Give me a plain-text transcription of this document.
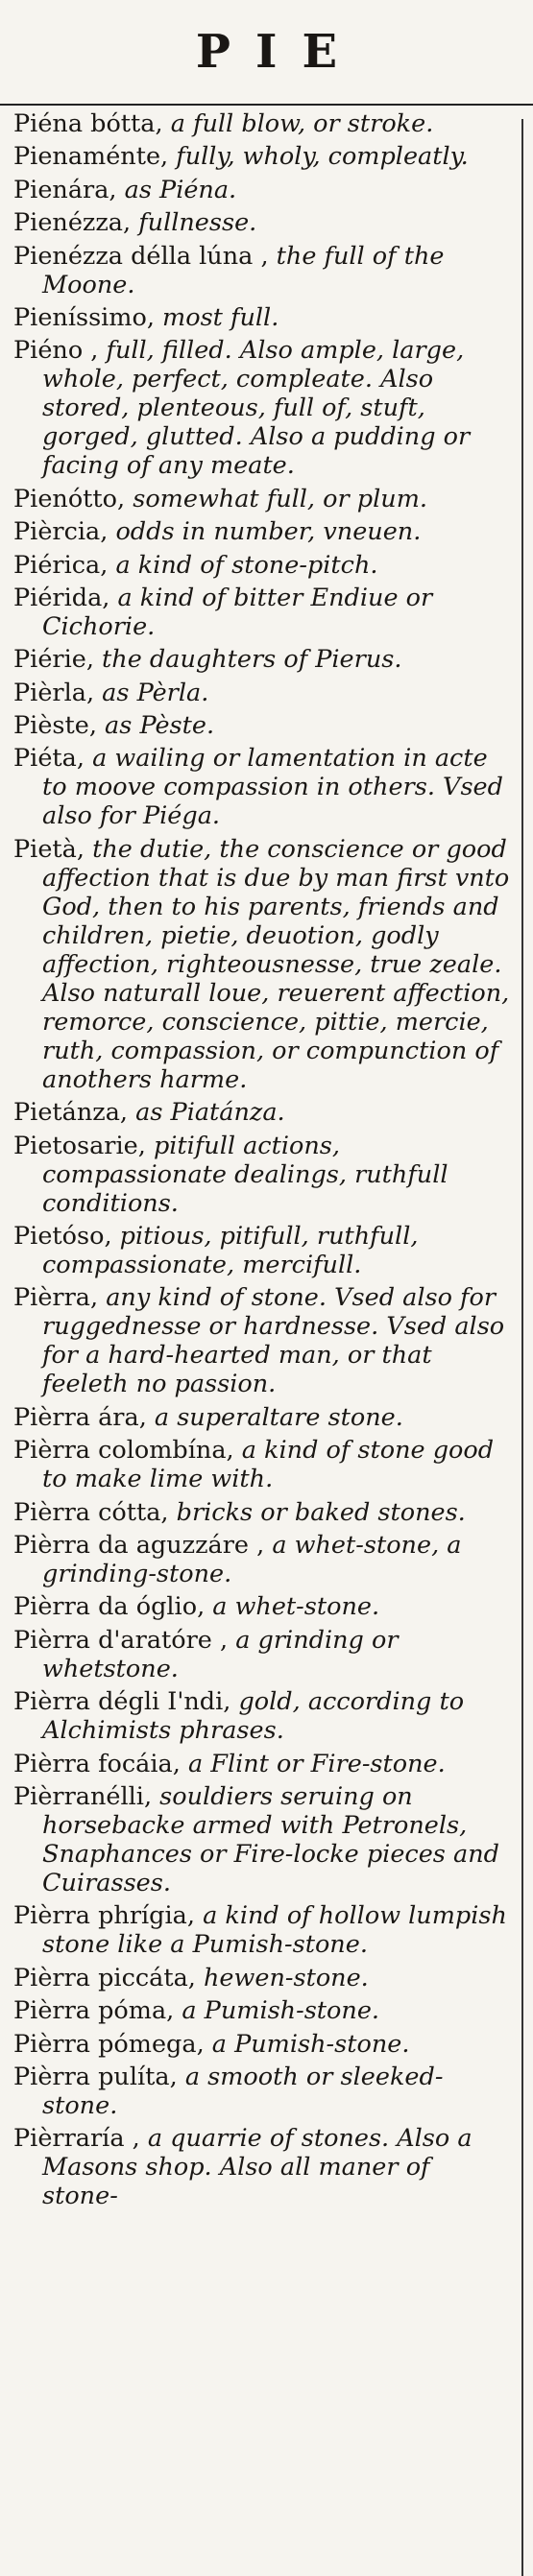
PIE

Piéna bótta, a full blow, or stroke.

Pienaménte, fully, wholy, compleatly.

Pienára, as Piéna.

Pienézza, fullnesse.

Pienézza délla lúna , the full of the Moone.

Pieníssimo, most full.

Piéno , full, filled. Also ample, large, whole, perfect, compleate. Also stored, plenteous, full of, stuft, gorged, glutted. Also a pudding or facing of any meate.

Pienótto, somewhat full, or plum.

Pièrcia, odds in number, vneuen.

Piérica, a kind of stone-pitch.

Piérida, a kind of bitter Endiue or Cichorie.

Piérie, the daughters of Pierus.

Pièrla, as Pèrla.

Pièste, as Pèste.

Piéta, a wailing or lamentation in acte to moove compassion in others. Vsed also for Piéga.

Pietà, the dutie, the conscience or good affection that is due by man first vnto God, then to his parents, friends and children, pietie, deuotion, godly affection, righteousnesse, true zeale. Also naturall loue, reuerent affection, remorce, conscience, pittie, mercie, ruth, compassion, or compunction of anothers harme.

Pietánza, as Piatánza.

Pietosarie, pitifull actions, compassionate dealings, ruthfull conditions.

Pietóso, pitious, pitifull, ruthfull, compassionate, mercifull.

Pièrra, any kind of stone. Vsed also for ruggednesse or hardnesse. Vsed also for a hard-hearted man, or that feeleth no passion.

Pièrra ára, a superaltare stone.

Pièrra colombína, a kind of stone good to make lime with.

Pièrra cótta, bricks or baked stones.

Pièrra da aguzzáre , a whet-stone, a grinding-stone.

Pièrra da óglio, a whet-stone.

Pièrra d'aratóre , a grinding or whetstone.

Pièrra dégli I'ndi, gold, according to Alchimists phrases.

Pièrra focáia, a Flint or Fire-stone.

Pièrranélli, souldiers seruing on horsebacke armed with Petronels, Snaphances or Fire-locke pieces and Cuirasses.

Pièrra phrígia, a kind of hollow lumpish stone like a Pumish-stone.

Pièrra piccáta, hewen-stone.

Pièrra póma, a Pumish-stone.

Pièrra pómega, a Pumish-stone.

Pièrra pulíta, a smooth or sleeked-stone.

Pièrraría , a quarrie of stones. Also a Masons shop. Also all maner of stone-
